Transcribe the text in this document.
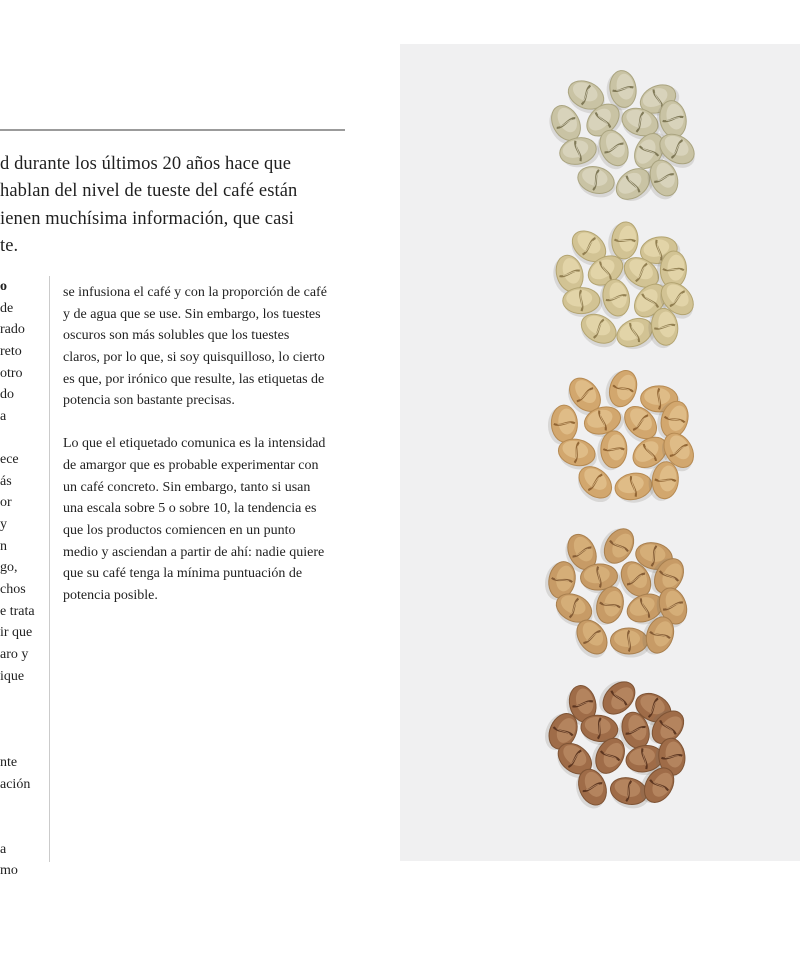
d durante los últimos 20 años hace que
hablan del nivel de tueste del café están
ienen muchísima información, que casi
te.
o
de
rado
reto
otro
do
a
ece
ás
or
y
n
go,
chos
e trata
ir que
aro y
ique
nte
ación
a
mo
se infusiona el café y con la proporción de café
y de agua que se use. Sin embargo, los tuestes
oscuros son más solubles que los tuestes
claros, por lo que, si soy quisquilloso, lo cierto
es que, por irónico que resulte, las etiquetas de
potencia son bastante precisas.
Lo que el etiquetado comunica es la intensidad
de amargor que es probable experimentar con
un café concreto. Sin embargo, tanto si usan
una escala sobre 5 o sobre 10, la tendencia es
que los productos comiencen en un punto
medio y asciendan a partir de ahí: nadie quiere
que su café tenga la mínima puntuación de
potencia posible.
